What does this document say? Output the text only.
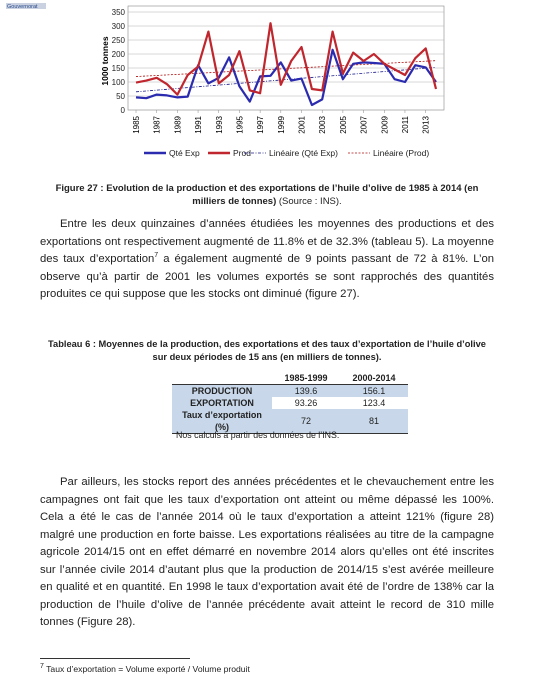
Gouvernorat
0
50
100
150
200
250
300
350
1000 tonnes
1985 1987 1989 1991 1993 1995 1997 1999 2001 2003 2005 2007 2009 2011 2013
Qté Exp	Prod Linéaire (Qté Exp)	Linéaire (Prod)
Figure 27 : Evolution de la production et des exportations de l’huile d’olive de 1985 à 2014 (en milliers de tonnes) (Source : INS).

Entre les deux quinzaines d’années étudiées les moyennes des productions et des exportations ont respectivement augmenté de 11.8% et de 32.3% (tableau 5). La moyenne des taux d’exportation$^7$ a également augmenté de 9 points passant de 72 à 81%. L’on observe qu’à partir de 2001 les volumes exportés se sont rapprochés des quantités produites ce qui suppose que les stocks ont diminué (figure 27).

Tableau 6 : Moyennes de la production, des exportations et des taux d’exportation de l’huile d’olive sur deux périodes de 15 ans (en milliers de tonnes).
	1985-1999	2000-2014
PRODUCTION	139.6	156.1
EXPORTATION	93.26	123.4
Taux d’exportation (%)	72	81
Nos calculs à partir des données de l’INS.

Par ailleurs, les stocks report des années précédentes et le chevauchement entre les campagnes ont fait que les taux d’exportation ont atteint ou même dépassé les 100%. Cela a été le cas de l’année 2014 où le taux d’exportation a atteint 121% (figure 28) malgré une production en forte baisse. Les exportations réalisées au titre de la campagne agricole 2014/15 ont en effet démarré en novembre 2014 alors qu’elles ont été inscrites sur l’année civile 2014 d’autant plus que la production de 2014/15 s’est avérée meilleure en qualité et en quantité. En 1998 le taux d’exportation avait été de l’ordre de 138% car la production de l’huile d’olive de l’année précédente avait atteint le record de 310 mille tonnes (Figure 28).

$^7$ Taux d’exportation = Volume exporté / Volume produit
